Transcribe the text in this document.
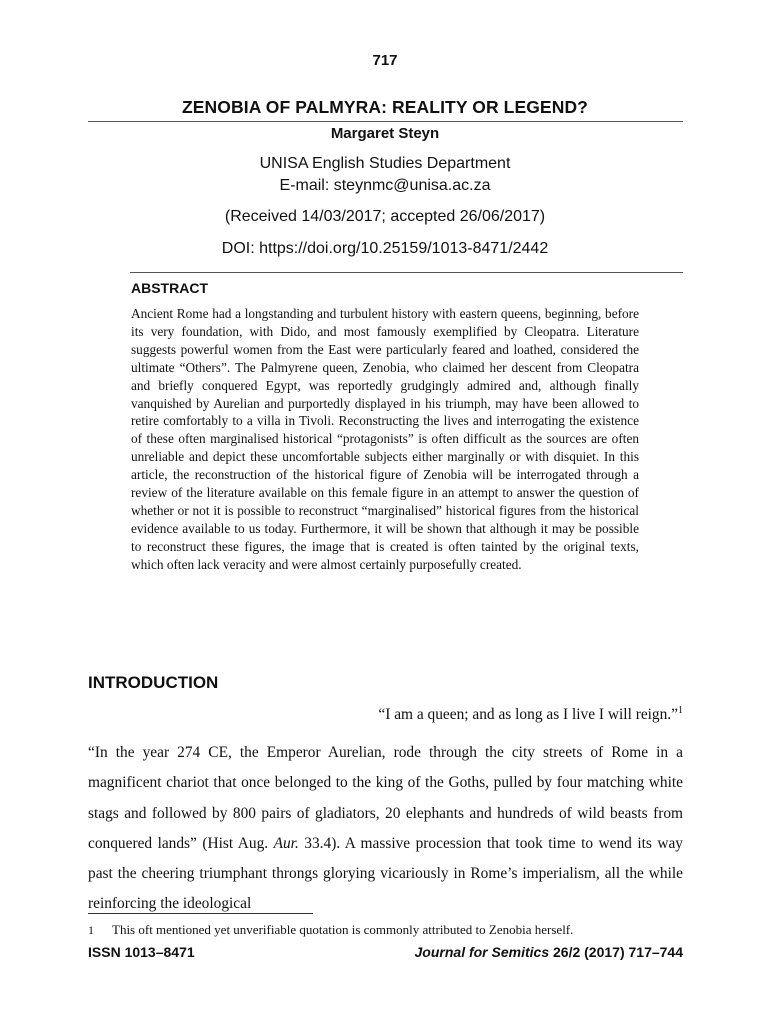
717
ZENOBIA OF PALMYRA: REALITY OR LEGEND?
Margaret Steyn
UNISA English Studies Department
E-mail: steynmc@unisa.ac.za
(Received 14/03/2017; accepted 26/06/2017)
DOI: https://doi.org/10.25159/1013-8471/2442
ABSTRACT

Ancient Rome had a longstanding and turbulent history with eastern queens, beginning, before its very foundation, with Dido, and most famously exemplified by Cleopatra. Literature suggests powerful women from the East were particularly feared and loathed, considered the ultimate “Others”. The Palmyrene queen, Zenobia, who claimed her descent from Cleopatra and briefly conquered Egypt, was reportedly grudgingly admired and, although finally vanquished by Aurelian and purportedly displayed in his triumph, may have been allowed to retire comfortably to a villa in Tivoli. Reconstructing the lives and interrogating the existence of these often marginalised historical “protagonists” is often difficult as the sources are often unreliable and depict these uncomfortable subjects either marginally or with disquiet. In this article, the reconstruction of the historical figure of Zenobia will be interrogated through a review of the literature available on this female figure in an attempt to answer the question of whether or not it is possible to reconstruct “marginalised” historical figures from the historical evidence available to us today. Furthermore, it will be shown that although it may be possible to reconstruct these figures, the image that is created is often tainted by the original texts, which often lack veracity and were almost certainly purposefully created.

INTRODUCTION
“I am a queen; and as long as I live I will reign.”$^1$

“In the year 274 CE, the Emperor Aurelian, rode through the city streets of Rome in a magnificent chariot that once belonged to the king of the Goths, pulled by four matching white stags and followed by 800 pairs of gladiators, 20 elephants and hundreds of wild beasts from conquered lands” (Hist Aug. Aur. 33.4). A massive procession that took time to wend its way past the cheering triumphant throngs glorying vicariously in Rome’s imperialism, all the while reinforcing the ideological

1 This oft mentioned yet unverifiable quotation is commonly attributed to Zenobia herself.
ISSN 1013–8471	Journal for Semitics 26/2 (2017) 717–744
